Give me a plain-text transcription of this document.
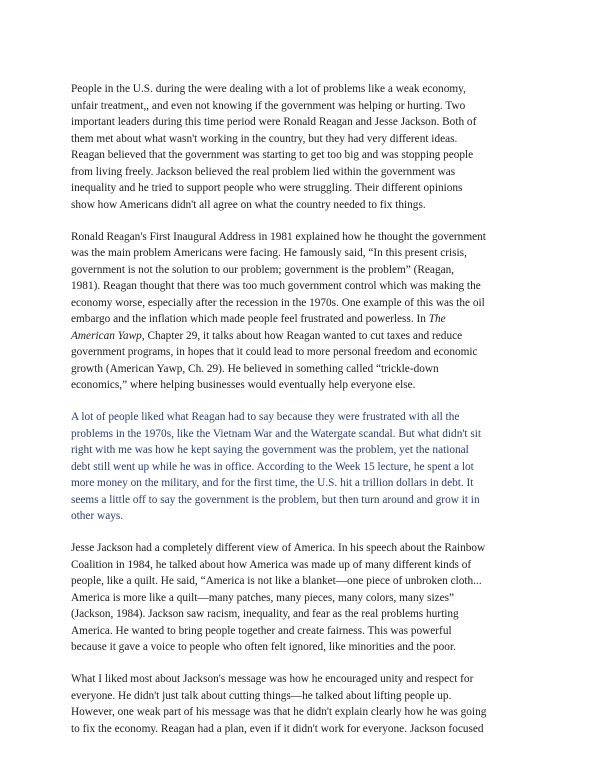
People in the U.S. during the were dealing with a lot of problems like a weak economy,
unfair treatment,, and even not knowing if the government was helping or hurting. Two
important leaders during this time period were Ronald Reagan and Jesse Jackson. Both of
them met about what wasn't working in the country, but they had very different ideas.
Reagan believed that the government was starting to get too big and was stopping people
from living freely. Jackson believed the real problem lied within the government was
inequality and he tried to support people who were struggling. Their different opinions
show how Americans didn't all agree on what the country needed to fix things.

Ronald Reagan's First Inaugural Address in 1981 explained how he thought the government
was the main problem Americans were facing. He famously said, “In this present crisis,
government is not the solution to our problem; government is the problem” (Reagan,
1981). Reagan thought that there was too much government control which was making the
economy worse, especially after the recession in the 1970s. One example of this was the oil
embargo and the inflation which made people feel frustrated and powerless. In The
American Yawp, Chapter 29, it talks about how Reagan wanted to cut taxes and reduce
government programs, in hopes that it could lead to more personal freedom and economic
growth (American Yawp, Ch. 29). He believed in something called “trickle-down
economics,” where helping businesses would eventually help everyone else.

A lot of people liked what Reagan had to say because they were frustrated with all the
problems in the 1970s, like the Vietnam War and the Watergate scandal. But what didn't sit
right with me was how he kept saying the government was the problem, yet the national
debt still went up while he was in office. According to the Week 15 lecture, he spent a lot
more money on the military, and for the first time, the U.S. hit a trillion dollars in debt. It
seems a little off to say the government is the problem, but then turn around and grow it in
other ways.

Jesse Jackson had a completely different view of America. In his speech about the Rainbow
Coalition in 1984, he talked about how America was made up of many different kinds of
people, like a quilt. He said, “America is not like a blanket—one piece of unbroken cloth...
America is more like a quilt—many patches, many pieces, many colors, many sizes”
(Jackson, 1984). Jackson saw racism, inequality, and fear as the real problems hurting
America. He wanted to bring people together and create fairness. This was powerful
because it gave a voice to people who often felt ignored, like minorities and the poor.

What I liked most about Jackson's message was how he encouraged unity and respect for
everyone. He didn't just talk about cutting things—he talked about lifting people up.
However, one weak part of his message was that he didn't explain clearly how he was going
to fix the economy. Reagan had a plan, even if it didn't work for everyone. Jackson focused
